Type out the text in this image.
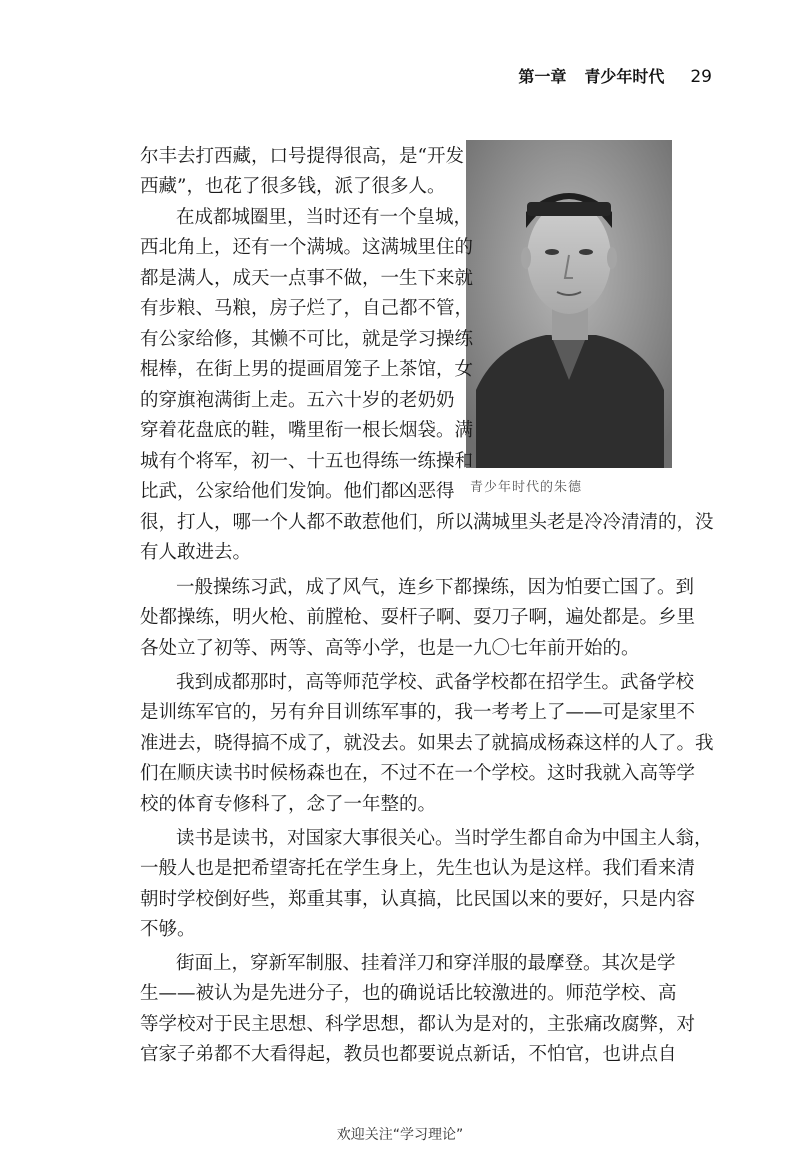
第一章 青少年时代 29
青少年时代的朱德
尔丰去打西藏，口号提得很高，是“开发
西藏”，也花了很多钱，派了很多人。
在成都城圈里，当时还有一个皇城，
西北角上，还有一个满城。这满城里住的
都是满人，成天一点事不做，一生下来就
有步粮、马粮，房子烂了，自己都不管，
有公家给修，其懒不可比，就是学习操练
棍棒，在街上男的提画眉笼子上茶馆，女
的穿旗袍满街上走。五六十岁的老奶奶
穿着花盘底的鞋，嘴里衔一根长烟袋。满
城有个将军，初一、十五也得练一练操和
比武，公家给他们发饷。他们都凶恶得
很，打人，哪一个人都不敢惹他们，所以满城里头老是冷冷清清的，没
有人敢进去。
一般操练习武，成了风气，连乡下都操练，因为怕要亡国了。到
处都操练，明火枪、前膛枪、耍杆子啊、耍刀子啊，遍处都是。乡里
各处立了初等、两等、高等小学，也是一九〇七年前开始的。
我到成都那时，高等师范学校、武备学校都在招学生。武备学校
是训练军官的，另有弁目训练军事的，我一考考上了——可是家里不
准进去，晓得搞不成了，就没去。如果去了就搞成杨森这样的人了。我
们在顺庆读书时候杨森也在，不过不在一个学校。这时我就入高等学
校的体育专修科了，念了一年整的。
读书是读书，对国家大事很关心。当时学生都自命为中国主人翁，
一般人也是把希望寄托在学生身上，先生也认为是这样。我们看来清
朝时学校倒好些，郑重其事，认真搞，比民国以来的要好，只是内容
不够。
街面上，穿新军制服、挂着洋刀和穿洋服的最摩登。其次是学
生——被认为是先进分子，也的确说话比较激进的。师范学校、高
等学校对于民主思想、科学思想，都认为是对的，主张痛改腐弊，对
官家子弟都不大看得起，教员也都要说点新话，不怕官，也讲点自
欢迎关注“学习理论”
